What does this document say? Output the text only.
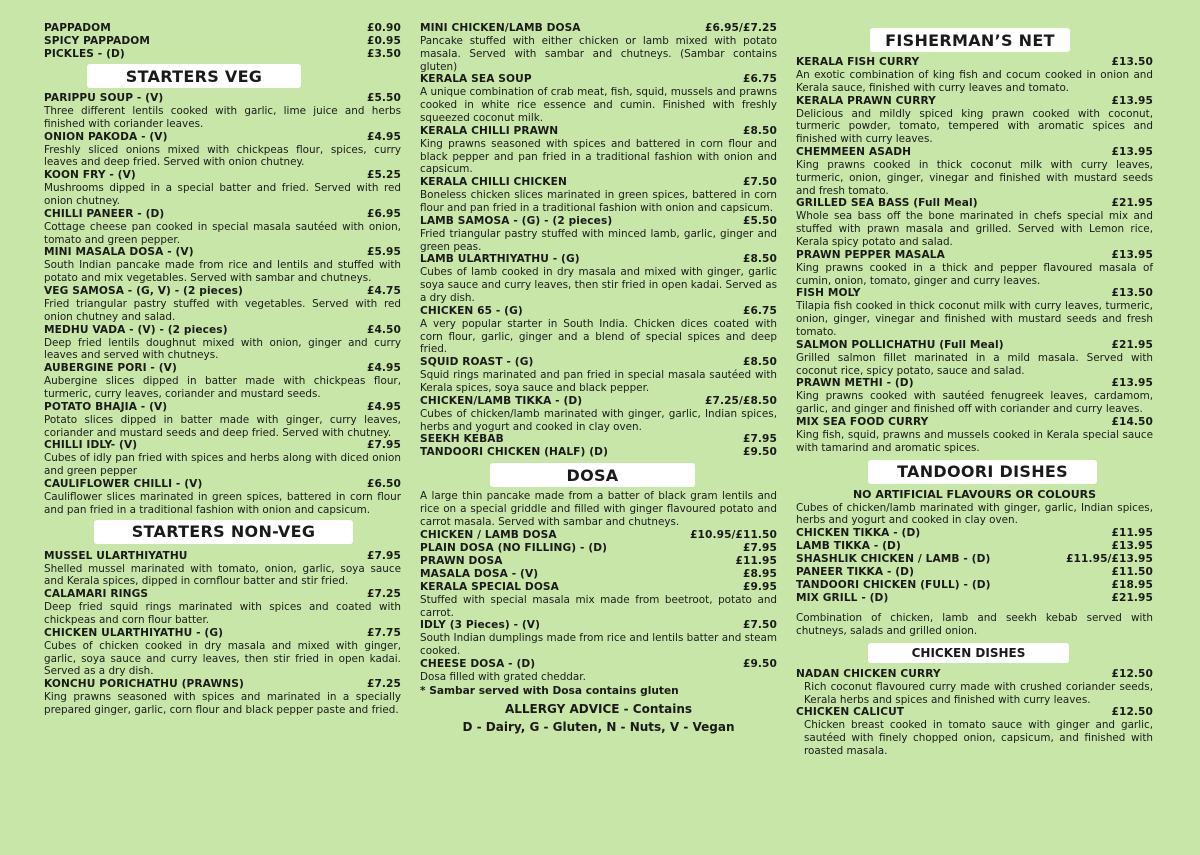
PAPPADOM	£0.90
SPICY PAPPADOM	£0.95
PICKLES - (D)	£3.50
STARTERS VEG
PARIPPU SOUP - (V)	£5.50

Three different lentils cooked with garlic, lime juice and herbs finished with coriander leaves.

ONION PAKODA - (V)	£4.95

Freshly sliced onions mixed with chickpeas flour, spices, curry leaves and deep fried. Served with onion chutney.

KOON FRY - (V)	£5.25

Mushrooms dipped in a special batter and fried. Served with red onion chutney.

CHILLI PANEER - (D)	£6.95

Cottage cheese pan cooked in special masala sautéed with onion, tomato and green pepper.

MINI MASALA DOSA - (V)	£5.95

South Indian pancake made from rice and lentils and stuffed with potato and mix vegetables. Served with sambar and chutneys.

VEG SAMOSA - (G, V) - (2 pieces)	£4.75

Fried triangular pastry stuffed with vegetables. Served with red onion chutney and salad.

MEDHU VADA - (V) - (2 pieces)	£4.50

Deep fried lentils doughnut mixed with onion, ginger and curry leaves and served with chutneys.

AUBERGINE PORI - (V)	£4.95

Aubergine slices dipped in batter made with chickpeas flour, turmeric, curry leaves, coriander and mustard seeds.

POTATO BHAJIA - (V)	£4.95

Potato slices dipped in batter made with ginger, curry leaves, coriander and mustard seeds and deep fried. Served with chutney.

CHILLI IDLY- (V)	£7.95

Cubes of idly pan fried with spices and herbs along with diced onion and green pepper

CAULIFLOWER CHILLI - (V)	£6.50

Cauliflower slices marinated in green spices, battered in corn flour and pan fried in a traditional fashion with onion and capsicum.

STARTERS NON-VEG
MUSSEL ULARTHIYATHU	£7.95

Shelled mussel marinated with tomato, onion, garlic, soya sauce and Kerala spices, dipped in cornflour batter and stir fried.

CALAMARI RINGS	£7.25

Deep fried squid rings marinated with spices and coated with chickpeas and corn flour batter.

CHICKEN ULARTHIYATHU - (G)	£7.75

Cubes of chicken cooked in dry masala and mixed with ginger, garlic, soya sauce and curry leaves, then stir fried in open kadai. Served as a dry dish.

KONCHU PORICHATHU (PRAWNS)	£7.25

King prawns seasoned with spices and marinated in a specially prepared ginger, garlic, corn flour and black pepper paste and fried.

MINI CHICKEN/LAMB DOSA	£6.95/£7.25

Pancake stuffed with either chicken or lamb mixed with potato masala. Served with sambar and chutneys. (Sambar contains gluten)

KERALA SEA SOUP	£6.75

A unique combination of crab meat, fish, squid, mussels and prawns cooked in white rice essence and cumin. Finished with freshly squeezed coconut milk.

KERALA CHILLI PRAWN	£8.50

King prawns seasoned with spices and battered in corn flour and black pepper and pan fried in a traditional fashion with onion and capsicum.

KERALA CHILLI CHICKEN	£7.50

Boneless chicken slices marinated in green spices, battered in corn flour and pan fried in a traditional fashion with onion and capsicum.

LAMB SAMOSA - (G) - (2 pieces)	£5.50

Fried triangular pastry stuffed with minced lamb, garlic, ginger and green peas.

LAMB ULARTHIYATHU - (G)	£8.50

Cubes of lamb cooked in dry masala and mixed with ginger, garlic soya sauce and curry leaves, then stir fried in open kadai. Served as a dry dish.

CHICKEN 65 - (G)	£6.75

A very popular starter in South India. Chicken dices coated with corn flour, garlic, ginger and a blend of special spices and deep fried.

SQUID ROAST - (G)	£8.50

Squid rings marinated and pan fried in special masala sautéed with Kerala spices, soya sauce and black pepper.

CHICKEN/LAMB TIKKA - (D)	£7.25/£8.50

Cubes of chicken/lamb marinated with ginger, garlic, Indian spices, herbs and yogurt and cooked in clay oven.

SEEKH KEBAB	£7.95
TANDOORI CHICKEN (HALF) (D)	£9.50
DOSA

A large thin pancake made from a batter of black gram lentils and rice on a special griddle and filled with ginger flavoured potato and carrot masala. Served with sambar and chutneys.

CHICKEN / LAMB DOSA	£10.95/£11.50
PLAIN DOSA (NO FILLING) - (D)	£7.95
PRAWN DOSA	£11.95
MASALA DOSA - (V)	£8.95
KERALA SPECIAL DOSA	£9.95

Stuffed with special masala mix made from beetroot, potato and carrot.

IDLY (3 Pieces) - (V)	£7.50

South Indian dumplings made from rice and lentils batter and steam cooked.

CHEESE DOSA - (D)	£9.50

Dosa filled with grated cheddar.

* Sambar served with Dosa contains gluten
ALLERGY ADVICE - Contains
D - Dairy, G - Gluten, N - Nuts, V - Vegan
FISHERMAN’S NET
KERALA FISH CURRY	£13.50

An exotic combination of king fish and cocum cooked in onion and Kerala sauce, finished with curry leaves and tomato.

KERALA PRAWN CURRY	£13.95

Delicious and mildly spiced king prawn cooked with coconut, turmeric powder, tomato, tempered with aromatic spices and finished with curry leaves.

CHEMMEEN ASADH	£13.95

King prawns cooked in thick coconut milk with curry leaves, turmeric, onion, ginger, vinegar and finished with mustard seeds and fresh tomato.

GRILLED SEA BASS (Full Meal)	£21.95

Whole sea bass off the bone marinated in chefs special mix and stuffed with prawn masala and grilled. Served with Lemon rice, Kerala spicy potato and salad.

PRAWN PEPPER MASALA	£13.95

King prawns cooked in a thick and pepper flavoured masala of cumin, onion, tomato, ginger and curry leaves.

FISH MOLY	£13.50

Tilapia fish cooked in thick coconut milk with curry leaves, turmeric, onion, ginger, vinegar and finished with mustard seeds and fresh tomato.

SALMON POLLICHATHU (Full Meal)	£21.95

Grilled salmon fillet marinated in a mild masala. Served with coconut rice, spicy potato, sauce and salad.

PRAWN METHI - (D)	£13.95

King prawns cooked with sautéed fenugreek leaves, cardamom, garlic, and ginger and finished off with coriander and curry leaves.

MIX SEA FOOD CURRY	£14.50

King fish, squid, prawns and mussels cooked in Kerala special sauce with tamarind and aromatic spices.

TANDOORI DISHES
NO ARTIFICIAL FLAVOURS OR COLOURS

Cubes of chicken/lamb marinated with ginger, garlic, Indian spices, herbs and yogurt and cooked in clay oven.

CHICKEN TIKKA - (D)	£11.95
LAMB TIKKA - (D)	£13.95
SHASHLIK CHICKEN / LAMB - (D)	£11.95/£13.95
PANEER TIKKA - (D)	£11.50
TANDOORI CHICKEN (FULL) - (D)	£18.95
MIX GRILL - (D)	£21.95

Combination of chicken, lamb and seekh kebab served with chutneys, salads and grilled onion.

CHICKEN DISHES
NADAN CHICKEN CURRY	£12.50

Rich coconut flavoured curry made with crushed coriander seeds, Kerala herbs and spices and finished with curry leaves.

CHICKEN CALICUT	£12.50

Chicken breast cooked in tomato sauce with ginger and garlic, sautéed with finely chopped onion, capsicum, and finished with roasted masala.
